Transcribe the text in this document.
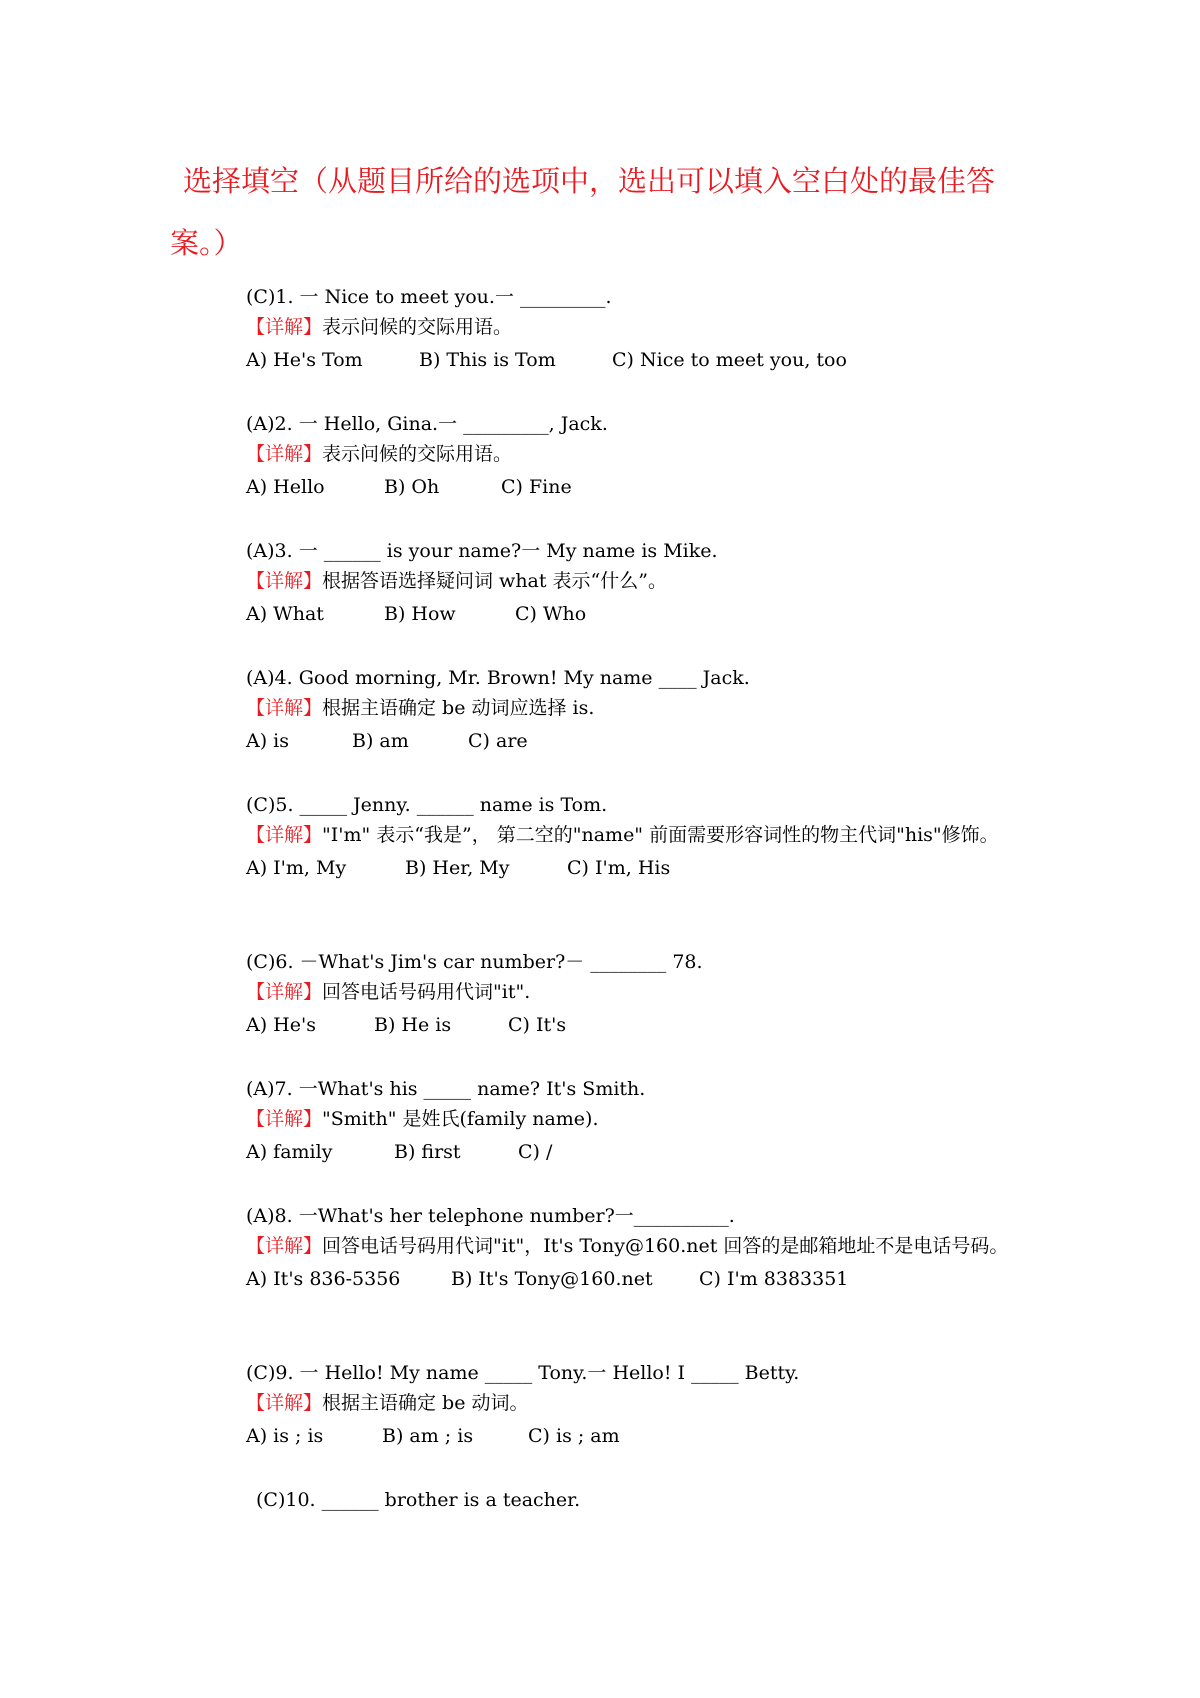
选择填空（从题目所给的选项中，选出可以填入空白处的最佳答案。）
(C)1. 一 Nice to meet you.一 _________.
【详解】表示问候的交际用语。
A) He's Tom	B) This is Tom	C) Nice to meet you, too
(A)2. 一 Hello, Gina.一 _________, Jack.
【详解】表示问候的交际用语。
A) Hello	B) Oh	C) Fine
(A)3. 一 ______ is your name?一 My name is Mike.
【详解】根据答语选择疑问词 what 表示“什么”。
A) What	B) How	C) Who
(A)4. Good morning, Mr. Brown! My name ____ Jack.
【详解】根据主语确定 be 动词应选择 is.
A) is	B) am	C) are
(C)5. _____ Jenny. ______ name is Tom.
【详解】"I'm" 表示“我是”， 第二空的"name" 前面需要形容词性的物主代词"his"修饰。
A) I'm, My	B) Her, My	C) I'm, His
(C)6. －What's Jim's car number?－ ________ 78.
【详解】回答电话号码用代词"it".
A) He's	B) He is	C) It's
(A)7. 一What's his _____ name? It's Smith.
【详解】"Smith" 是姓氏(family name).
A) family	B) first	C) /
(A)8. 一What's her telephone number?一__________.
【详解】回答电话号码用代词"it"，It's Tony@160.net 回答的是邮箱地址不是电话号码。
A) It's 836-5356	B) It's Tony@160.net C) I'm 8383351
(C)9. 一 Hello! My name _____ Tony.一 Hello! I _____ Betty.
【详解】根据主语确定 be 动词。
A) is ; is	B) am ; is	C) is ; am
(C)10. ______ brother is a teacher.
